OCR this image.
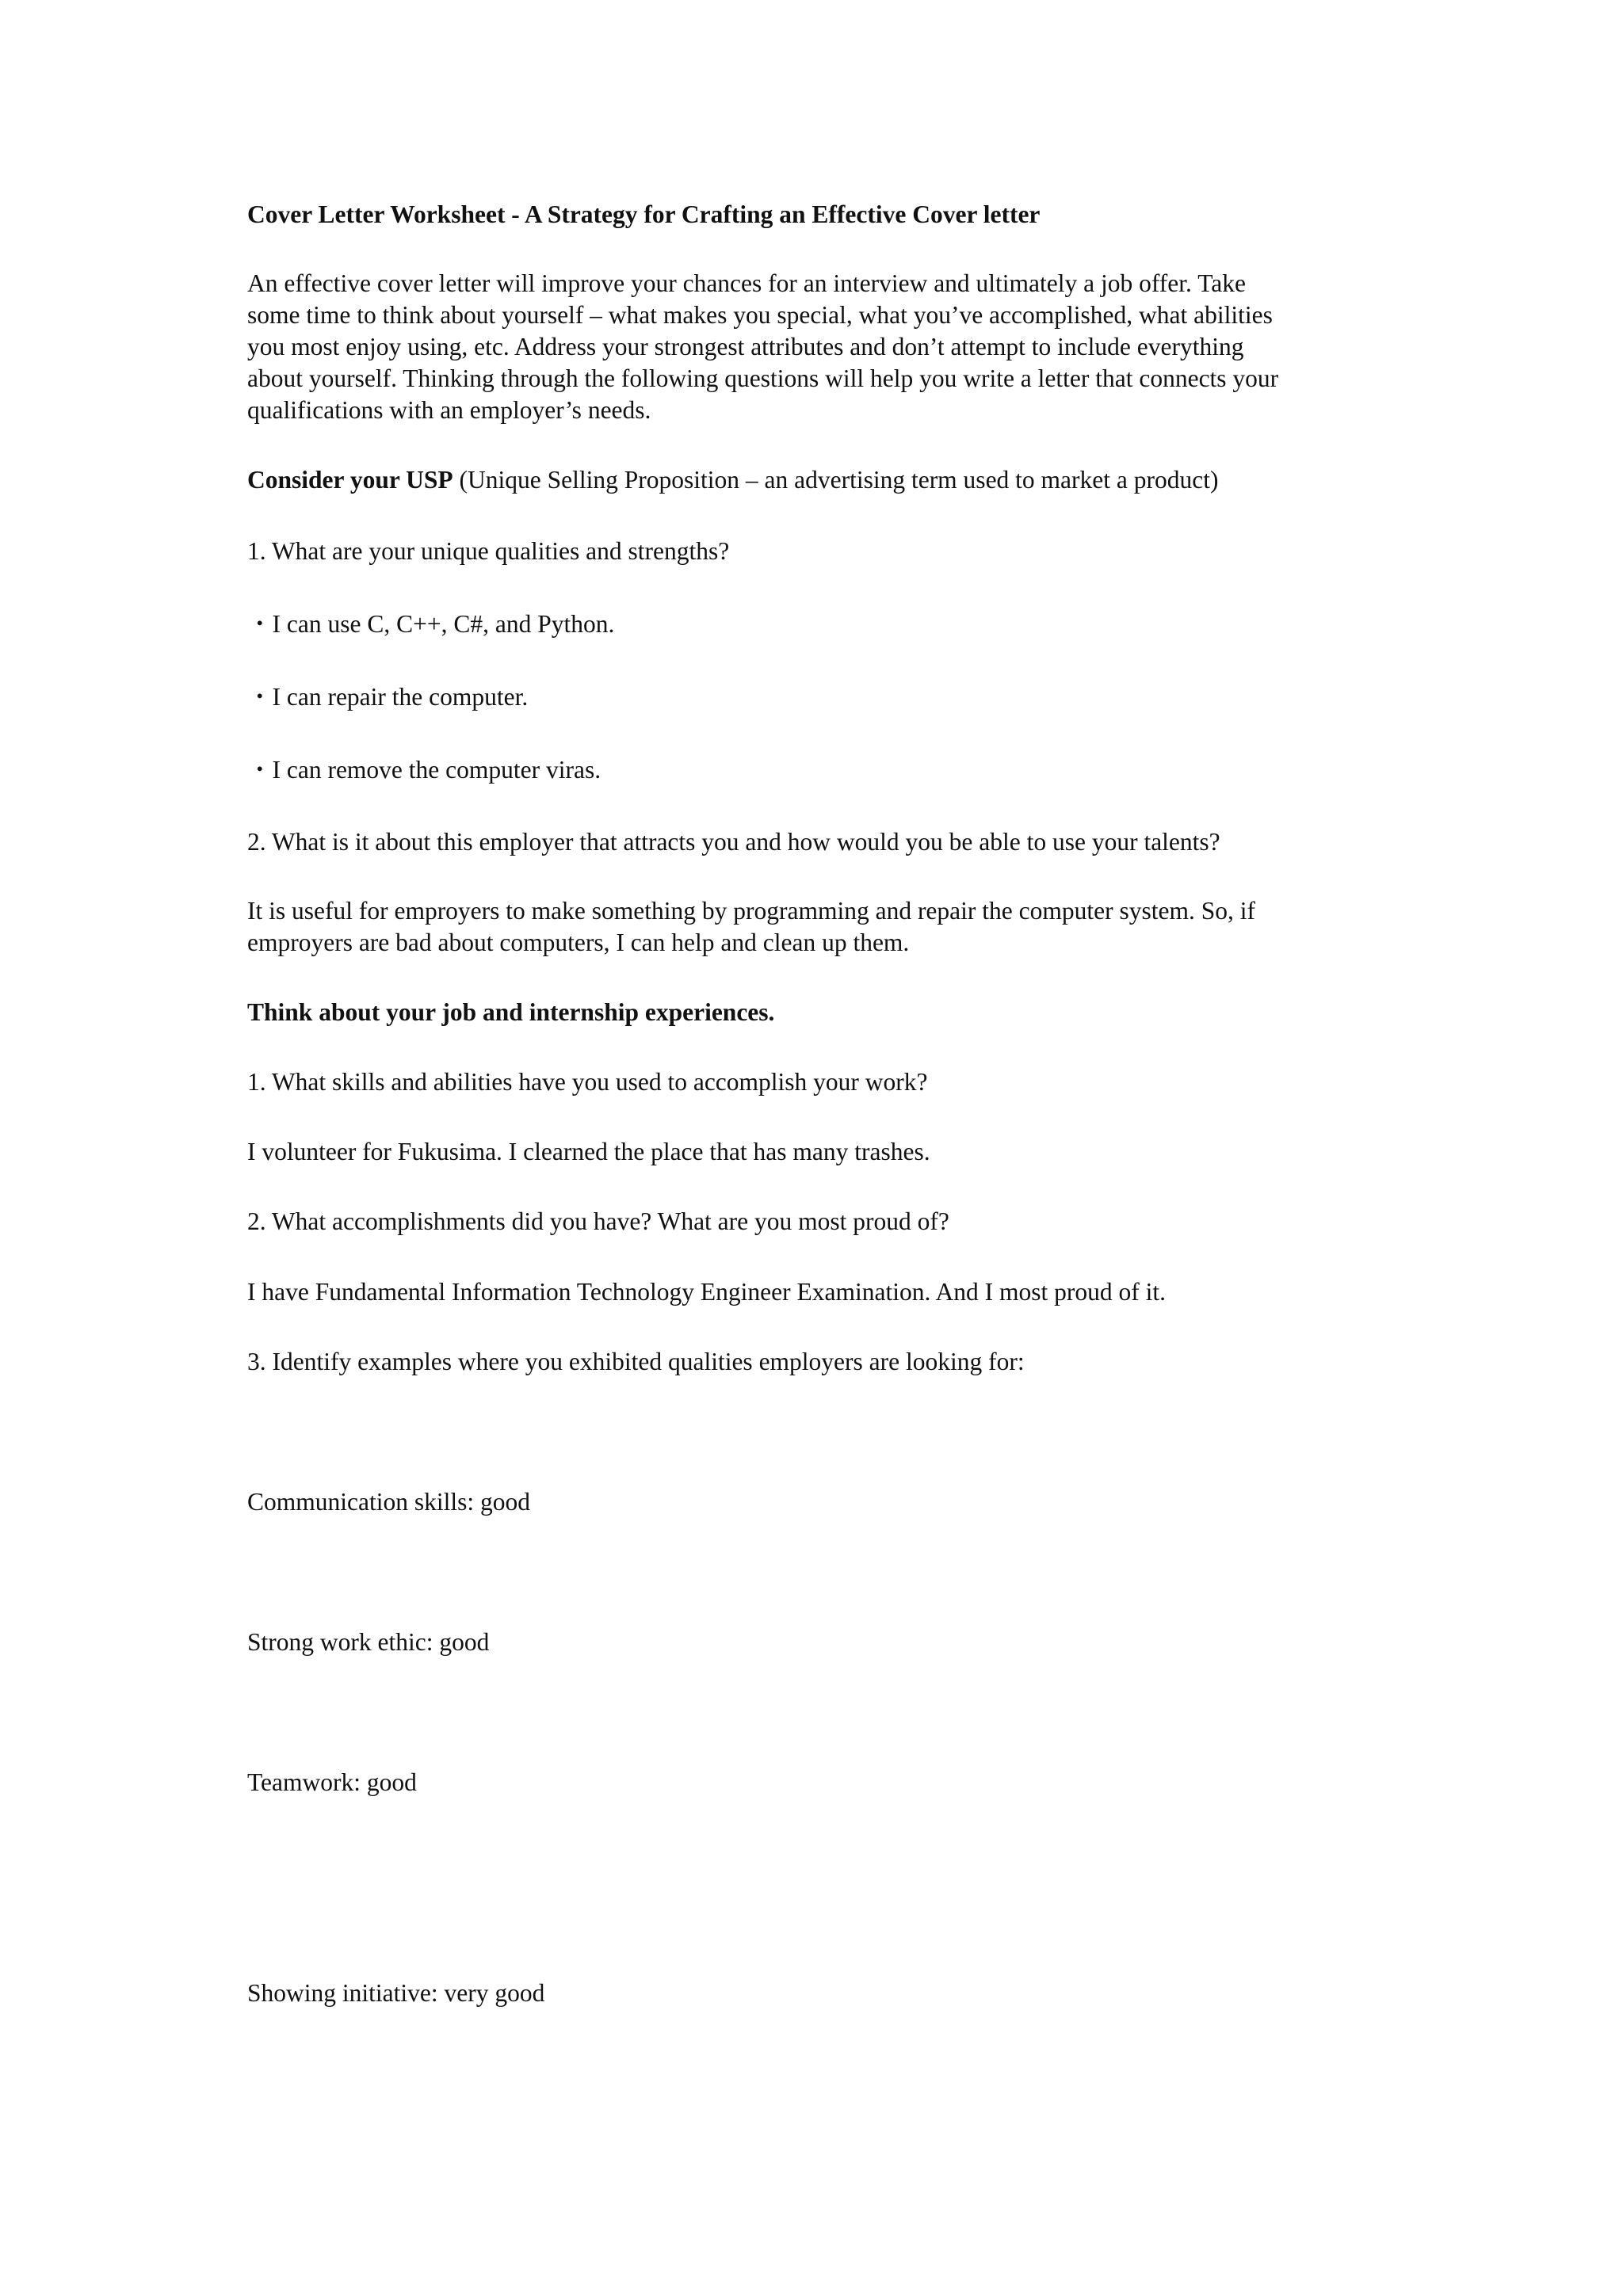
Cover Letter Worksheet - A Strategy for Crafting an Effective Cover letter

An effective cover letter will improve your chances for an interview and ultimately a job offer. Take
some time to think about yourself – what makes you special, what you’ve accomplished, what abilities
you most enjoy using, etc. Address your strongest attributes and don’t attempt to include everything
about yourself. Thinking through the following questions will help you write a letter that connects your
qualifications with an employer’s needs.

Consider your USP (Unique Selling Proposition – an advertising term used to market a product)

1. What are your unique qualities and strengths?

・I can use C, C++, C#, and Python.

・I can repair the computer.

・I can remove the computer viras.

2. What is it about this employer that attracts you and how would you be able to use your talents?

It is useful for emproyers to make something by programming and repair the computer system. So, if
emproyers are bad about computers, I can help and clean up them.

Think about your job and internship experiences.

1. What skills and abilities have you used to accomplish your work?

I volunteer for Fukusima. I clearned the place that has many trashes.

2. What accomplishments did you have? What are you most proud of?

I have Fundamental Information Technology Engineer Examination. And I most proud of it.

3. Identify examples where you exhibited qualities employers are looking for:

Communication skills: good

Strong work ethic: good

Teamwork: good

Showing initiative: very good
